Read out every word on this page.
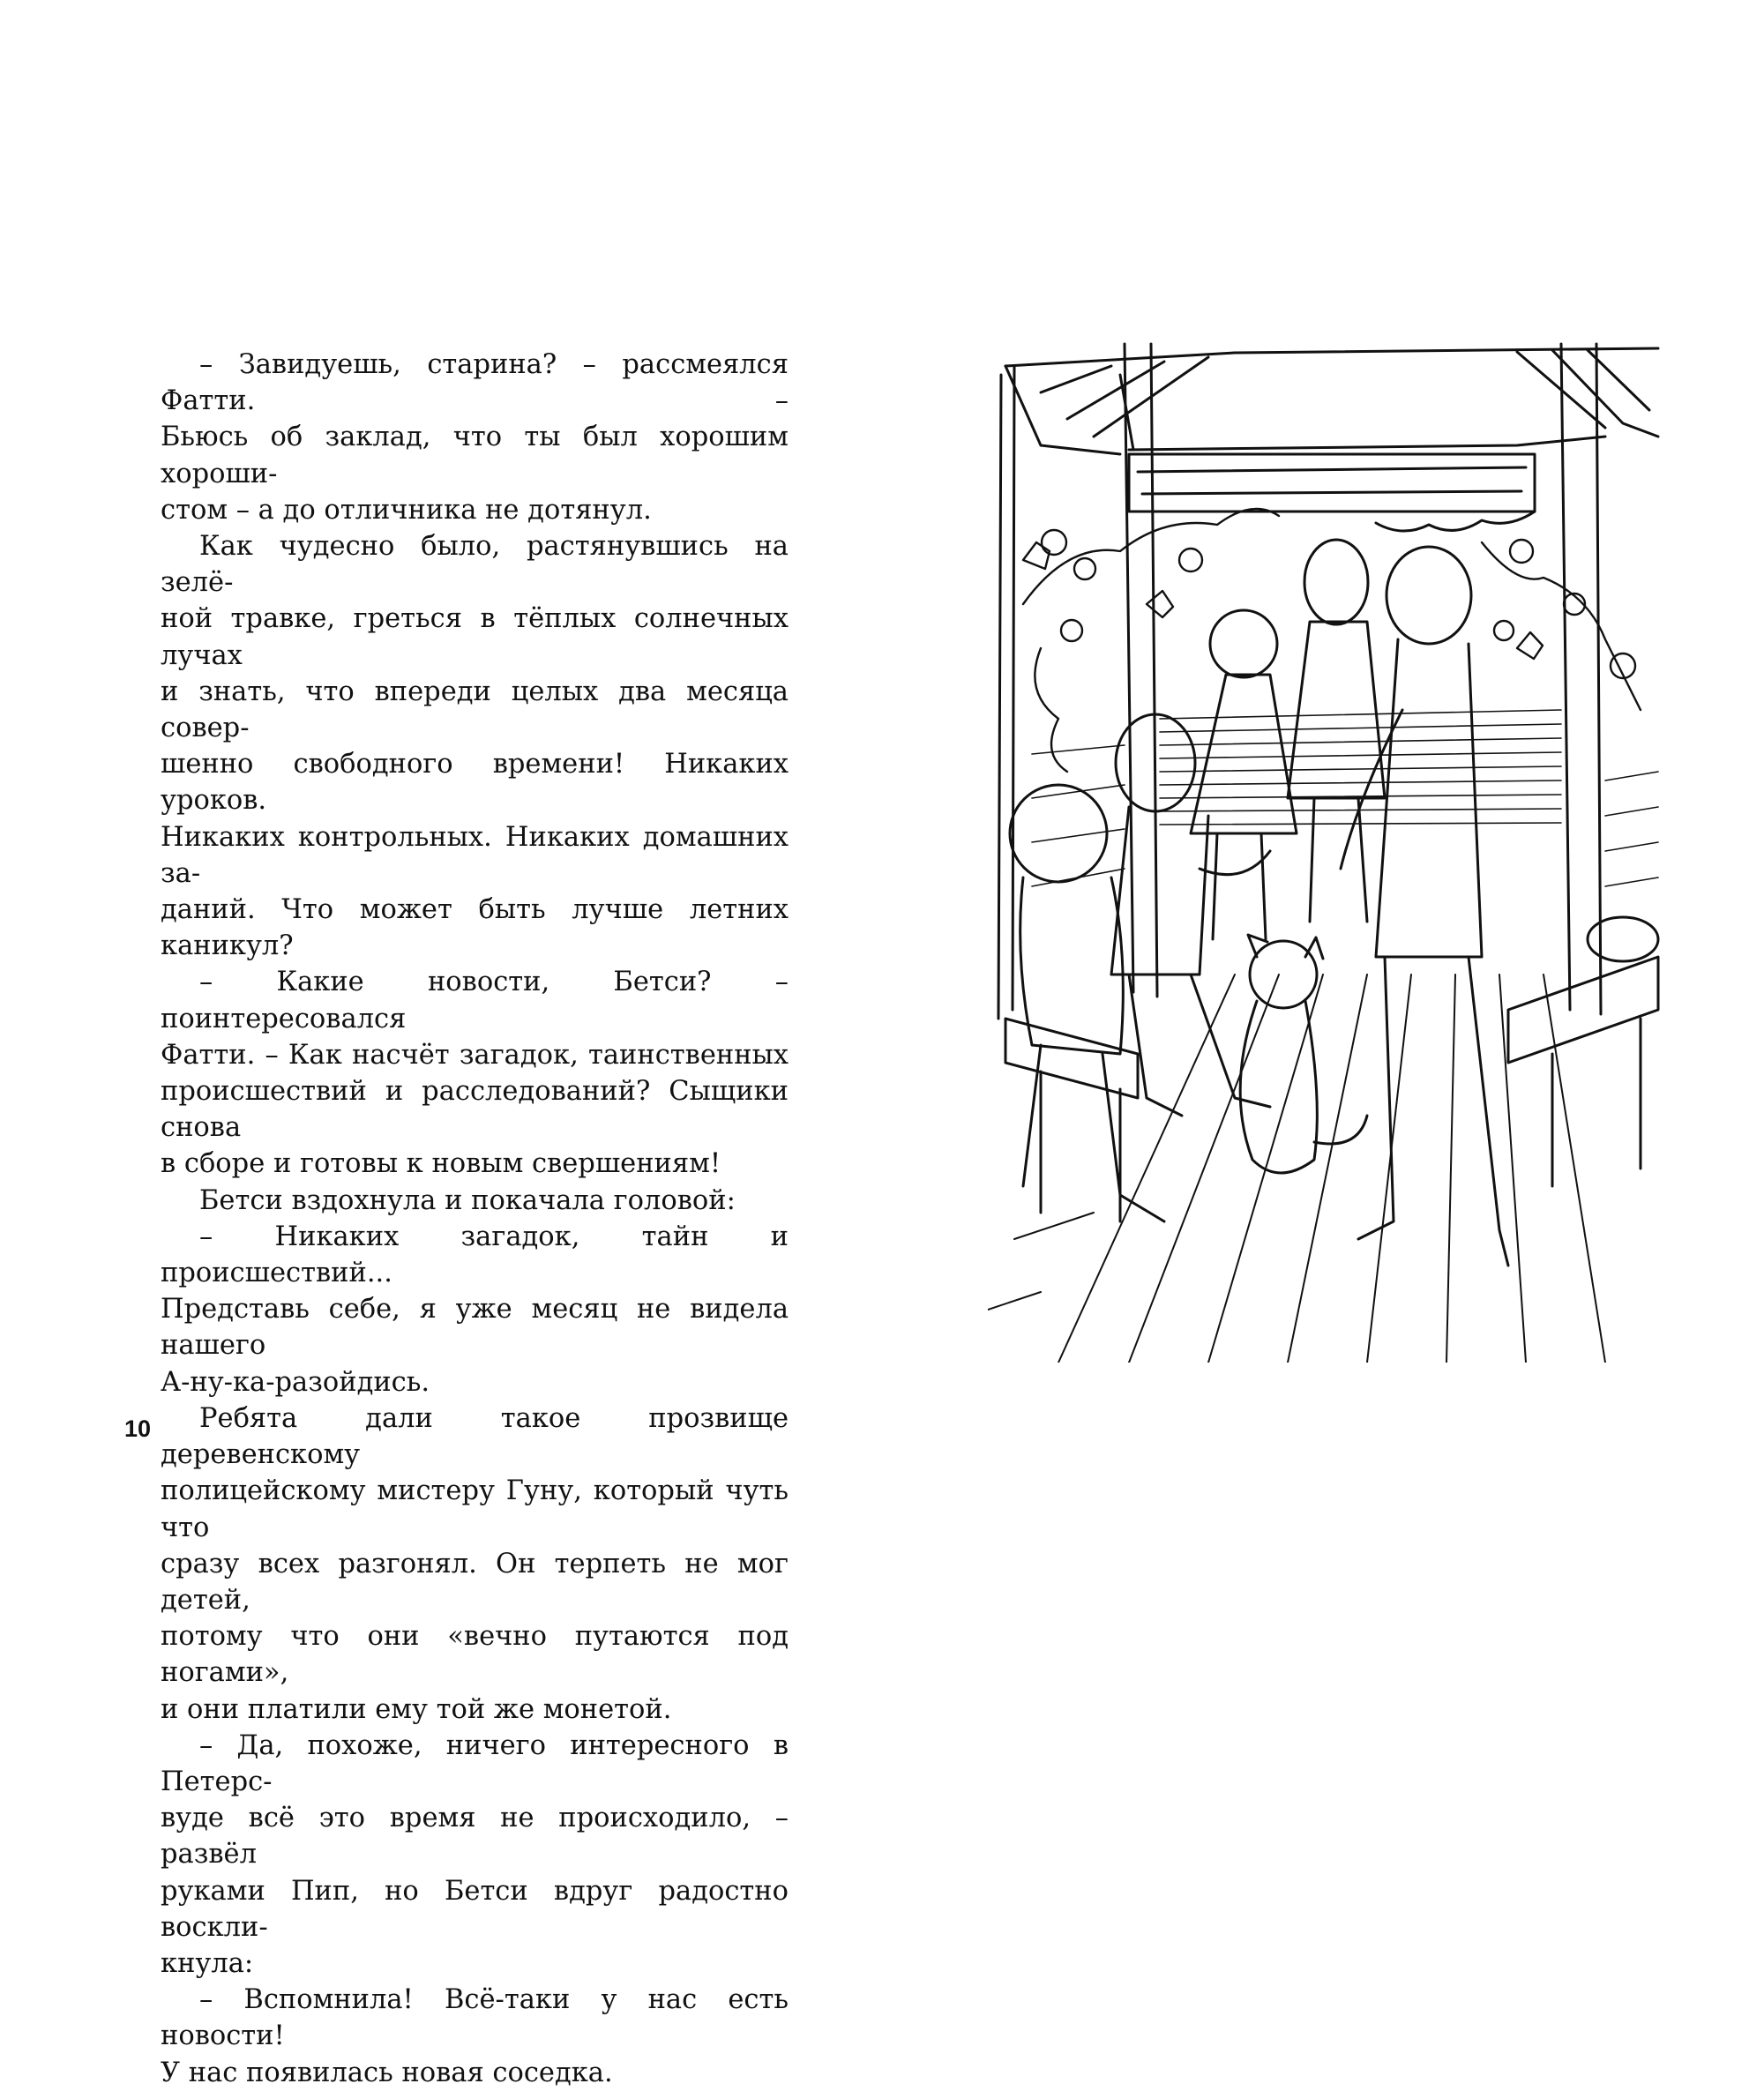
– Завидуешь, старина? – рассмеялся Фатти. –

Бьюсь об заклад, что ты был хорошим хороши-

стом – а до отличника не дотянул.

Как чудесно было, растянувшись на зелё-

ной травке, греться в тёплых солнечных лучах

и знать, что впереди целых два месяца совер-

шенно свободного времени! Никаких уроков.

Никаких контрольных. Никаких домашних за-

даний. Что может быть лучше летних каникул?

– Какие новости, Бетси? – поинтересовался

Фатти. – Как насчёт загадок, таинственных

происшествий и расследований? Сыщики снова

в сборе и готовы к новым свершениям!

Бетси вздохнула и покачала головой:

– Никаких загадок, тайн и происшествий...

Представь себе, я уже месяц не видела нашего

А-ну-ка-разойдись.

Ребята дали такое прозвище деревенскому

полицейскому мистеру Гуну, который чуть что

сразу всех разгонял. Он терпеть не мог детей,

потому что они «вечно путаются под ногами»,

и они платили ему той же монетой.

– Да, похоже, ничего интересного в Петерс-

вуде всё это время не происходило, – развёл

руками Пип, но Бетси вдруг радостно воскли-

кнула:

– Вспомнила! Всё-таки у нас есть новости!

У нас появилась новая соседка.

10
